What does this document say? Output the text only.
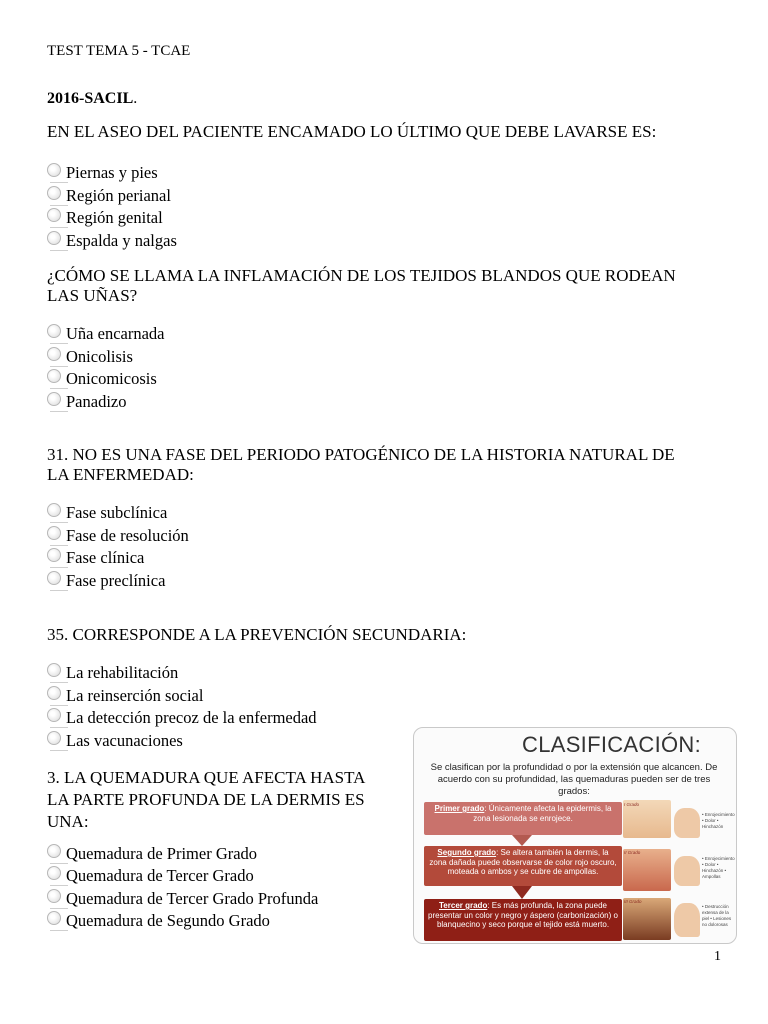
TEST TEMA 5 - TCAE
2016-SACIL.
EN EL ASEO DEL PACIENTE ENCAMADO LO ÚLTIMO QUE DEBE LAVARSE ES:
Piernas y pies
Región perianal
Región genital
Espalda y nalgas
¿CÓMO SE LLAMA LA INFLAMACIÓN DE LOS TEJIDOS BLANDOS QUE RODEAN
LAS UÑAS?
Uña encarnada
Onicolisis
Onicomicosis
Panadizo
31. NO ES UNA FASE DEL PERIODO PATOGÉNICO DE LA HISTORIA NATURAL DE
LA ENFERMEDAD:
Fase subclínica
Fase de resolución
Fase clínica
Fase preclínica
35. CORRESPONDE A LA PREVENCIÓN SECUNDARIA:
La rehabilitación
La reinserción social
La detección precoz de la enfermedad
Las vacunaciones
3. LA QUEMADURA QUE AFECTA HASTA
LA PARTE PROFUNDA DE LA DERMIS ES
UNA:
Quemadura de Primer Grado
Quemadura de Tercer Grado
Quemadura de Tercer Grado Profunda
Quemadura de Segundo Grado
CLASIFICACIÓN:
Se clasifican por la profundidad o por la extensión que alcancen. De acuerdo con su profundidad, las quemaduras pueden ser de tres grados:
Primer grado: Únicamente afecta la epidermis, la zona lesionada se enrojece.
Segundo grado: Se altera también la dermis, la zona dañada puede observarse de color rojo oscuro, moteada o ambos y se cubre de ampollas.
Tercer grado: Es más profunda, la zona puede presentar un color y negro y áspero (carbonización) o blanquecino y seco porque el tejido está muerto.
I Grado
II Grado
III Grado
• Enrojecimiento • Dolor • Hinchazón
• Enrojecimiento • Dolor • Hinchazón • Ampollas
• Destrucción extensa de la piel • Lesiones no dolorosas
1
